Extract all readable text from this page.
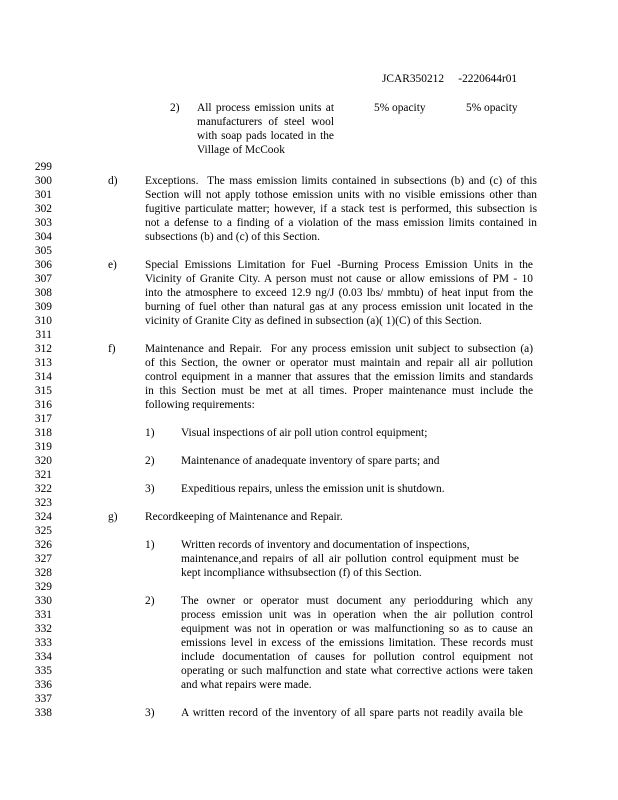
JCAR350212 -2220644r01
2) All process emission units at
manufacturers of steel wool
with soap pads located in the
Village of McCook
5% opacity	5% opacity
299
300
301
302
303
304
305
306
307
308
309
310
311
312
313
314
315
316
317
318
319
320
321
322
323
324
325
326
327
328
329
330
331
332
333
334
335
336
337
338
d) Exceptions.  The mass emission limits contained in subsections (b) and (c) of this
Section will not apply tothose emission units with no visible emissions other than
fugitive particulate matter; however, if a stack test is performed, this subsection is
not a defense to a finding of a violation of the mass emission limits contained in
subsections (b) and (c) of this Section.
e) Special Emissions Limitation for Fuel -Burning Process Emission Units in the
Vicinity of Granite City. A person must not cause or allow emissions of PM - 10
into the atmosphere to exceed 12.9 ng/J (0.03 lbs/ mmbtu) of heat input from the
burning of fuel other than natural gas at any process emission unit located in the
vicinity of Granite City as defined in subsection (a)( 1)(C) of this Section.
f)	Maintenance and Repair.  For any process emission unit subject to subsection (a)
of this Section, the owner or operator must maintain and repair all air pollution
control equipment in a manner that assures that the emission limits and standards
in this Section must be met at all times. Proper maintenance must include the
following requirements:
1) Visual inspections of air poll ution control equipment;
2) Maintenance of anadequate inventory of spare parts; and
3) Expeditious repairs, unless the emission unit is shutdown.
g) Recordkeeping of Maintenance and Repair.
1) Written records of inventory and documentation of inspections,
maintenance,and repairs of all air pollution control equipment must be
kept incompliance withsubsection (f) of this Section.
2) The owner or operator must document any periodduring which any
process emission unit was in operation when the air pollution control
equipment was not in operation or was malfunctioning so as to cause an
emissions level in excess of the emissions limitation. These records must
include documentation of causes for pollution control equipment not
operating or such malfunction and state what corrective actions were taken
and what repairs were made.
3) A written record of the inventory of all spare parts not readily availa ble
